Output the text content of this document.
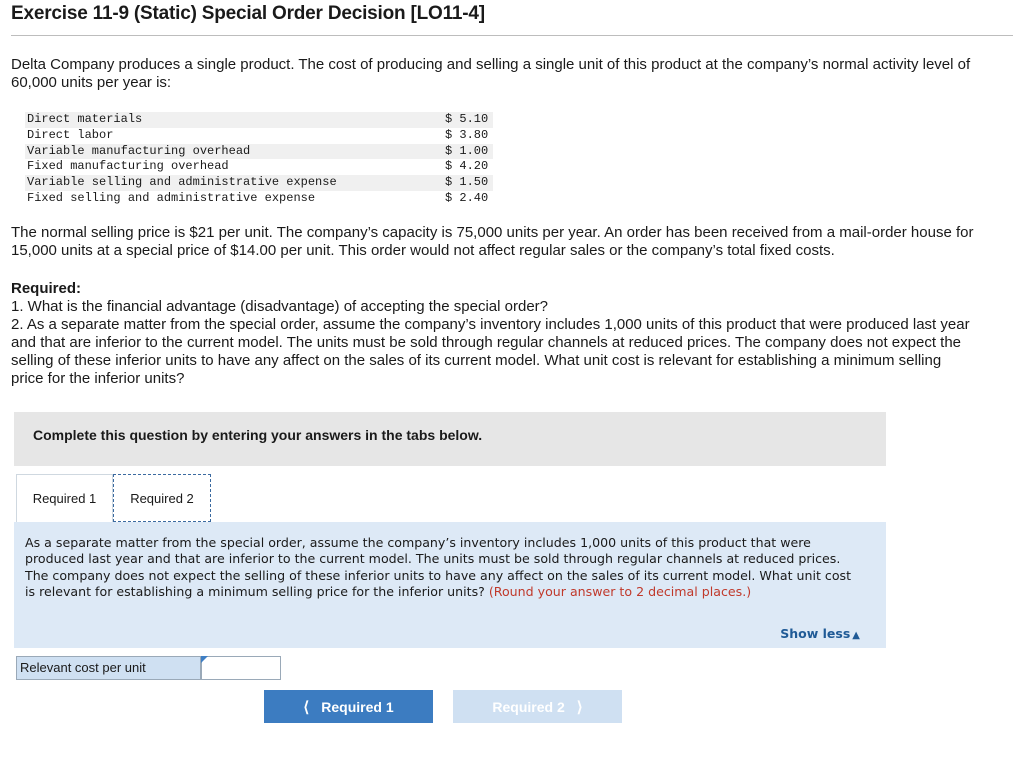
Exercise 11-9 (Static) Special Order Decision [LO11-4]

Delta Company produces a single product. The cost of producing and selling a single unit of this product at the company’s normal activity level of 60,000 units per year is:

Direct materials	$ 5.10
Direct labor	$ 3.80
Variable manufacturing overhead	$ 1.00
Fixed manufacturing overhead	$ 4.20
Variable selling and administrative expense	$ 1.50
Fixed selling and administrative expense	$ 2.40

The normal selling price is $21 per unit. The company’s capacity is 75,000 units per year. An order has been received from a mail-order house for 15,000 units at a special price of $14.00 per unit. This order would not affect regular sales or the company’s total fixed costs.

Required:
1. What is the financial advantage (disadvantage) of accepting the special order?
2. As a separate matter from the special order, assume the company’s inventory includes 1,000 units of this product that were produced last year and that are inferior to the current model. The units must be sold through regular channels at reduced prices. The company does not expect the selling of these inferior units to have any affect on the sales of its current model. What unit cost is relevant for establishing a minimum selling price for the inferior units?
Complete this question by entering your answers in the tabs below.
Required 1	Required 2

As a separate matter from the special order, assume the company’s inventory includes 1,000 units of this product that were produced last year and that are inferior to the current model. The units must be sold through regular channels at reduced prices. The company does not expect the selling of these inferior units to have any affect on the sales of its current model. What unit cost is relevant for establishing a minimum selling price for the inferior units? (Round your answer to 2 decimal places.)

Show less ▲
Relevant cost per unit
⟨ Required 1	Required 2 ⟩
